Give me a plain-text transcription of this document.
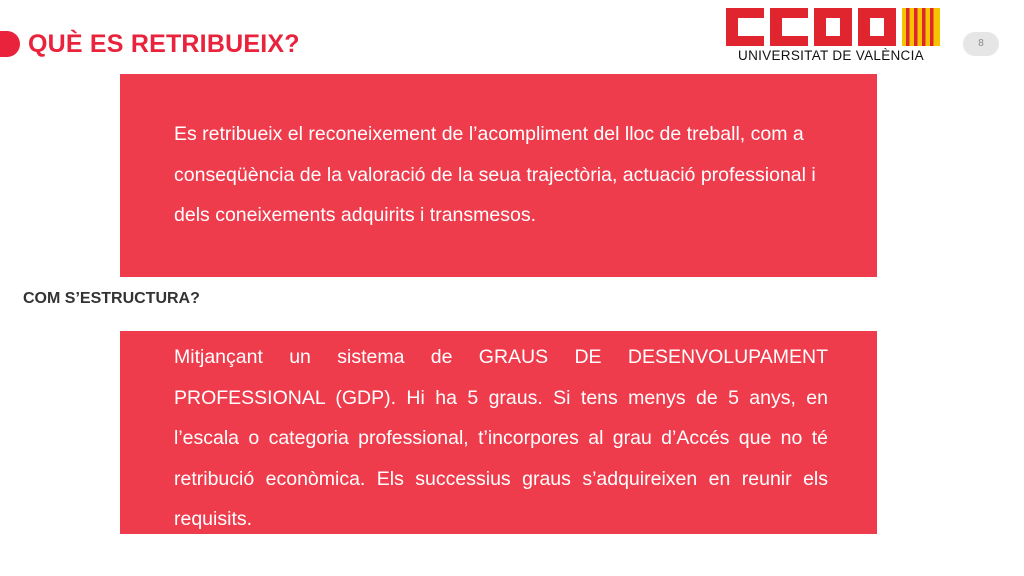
QUÈ ES RETRIBUEIX?	UNIVERSITAT DE VALÈNCIA
8
Es retribueix el reconeixement de l’acompliment del lloc de treball, com a conseqüència de la valoració de la seua trajectòria, actuació professional i dels coneixements adquirits i transmesos.
COM S’ESTRUCTURA?
Mitjançant un sistema de GRAUS DE DESENVOLUPAMENT PROFESSIONAL (GDP). Hi ha 5 graus. Si tens menys de 5 anys, en l’escala o categoria professional, t’incorpores al grau d’Accés que no té retribució econòmica. Els successius graus s’adquireixen en reunir els requisits.
